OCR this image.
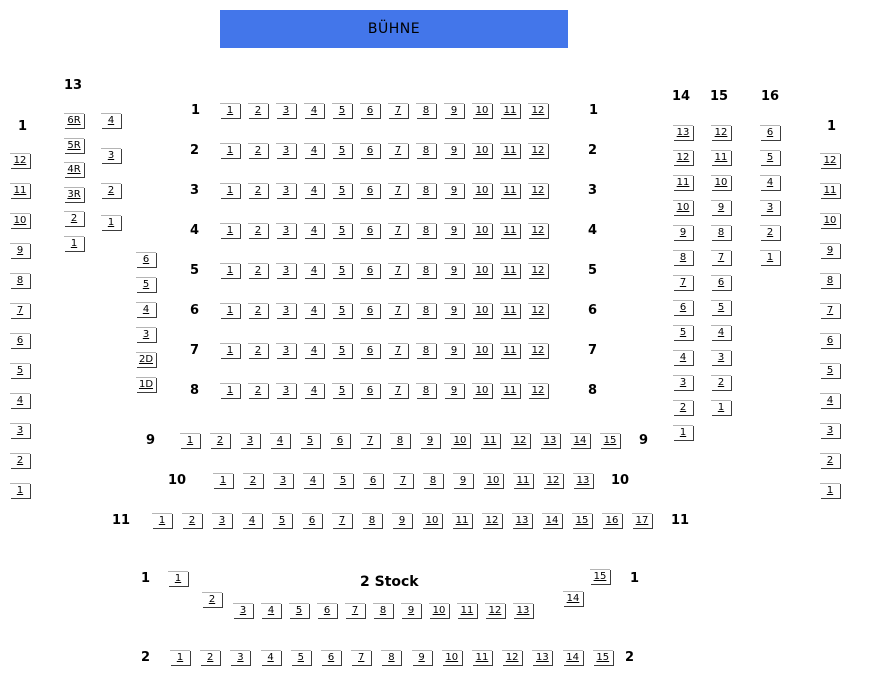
BÜHNE
13
1
1
2
3
4
5
6
7
8
1
2
3
4
5
6
7
8
9	9
10	10
11	11
14 15	16
1
1	2 Stock	1
2	2
12
11
10
9
8
7
6
5
4
3
2
1
6R
5R
4R
3R
2
1
4
3
2
1
6
5
4
3
2D
1D
1	2	3	4	5	6	7	8	9	10	11	12
1	2	3	4	5	6	7	8	9	10	11	12
1	2	3	4	5	6	7	8	9	10	11	12
1	2	3	4	5	6	7	8	9	10	11	12
1	2	3	4	5	6	7	8	9	10	11	12
1	2	3	4	5	6	7	8	9	10	11	12
1	2	3	4	5	6	7	8	9	10	11	12
1	2	3	4	5	6	7	8	9	10	11	12
1	2	3	4	5	6	7	8	9	10	11	12	13	14	15
1	2	3	4	5	6	7	8	9	10	11	12	13
1	2	3	4	5	6	7	8	9	10	11	12	13	14	15	16	17
13
12
11
10
9
8
7
6
5
4
3
2
1
12
11
10
9
8
7
6
5
4
3
2
1
6
5
4
3
2
1
12
11
10
9
8
7
6
5
4
3
2
1
1
2
3	4	5	6	7	8	9	10	11	12	13
14
15
1	2	3	4	5	6	7	8	9	10	11	12	13	14	15
